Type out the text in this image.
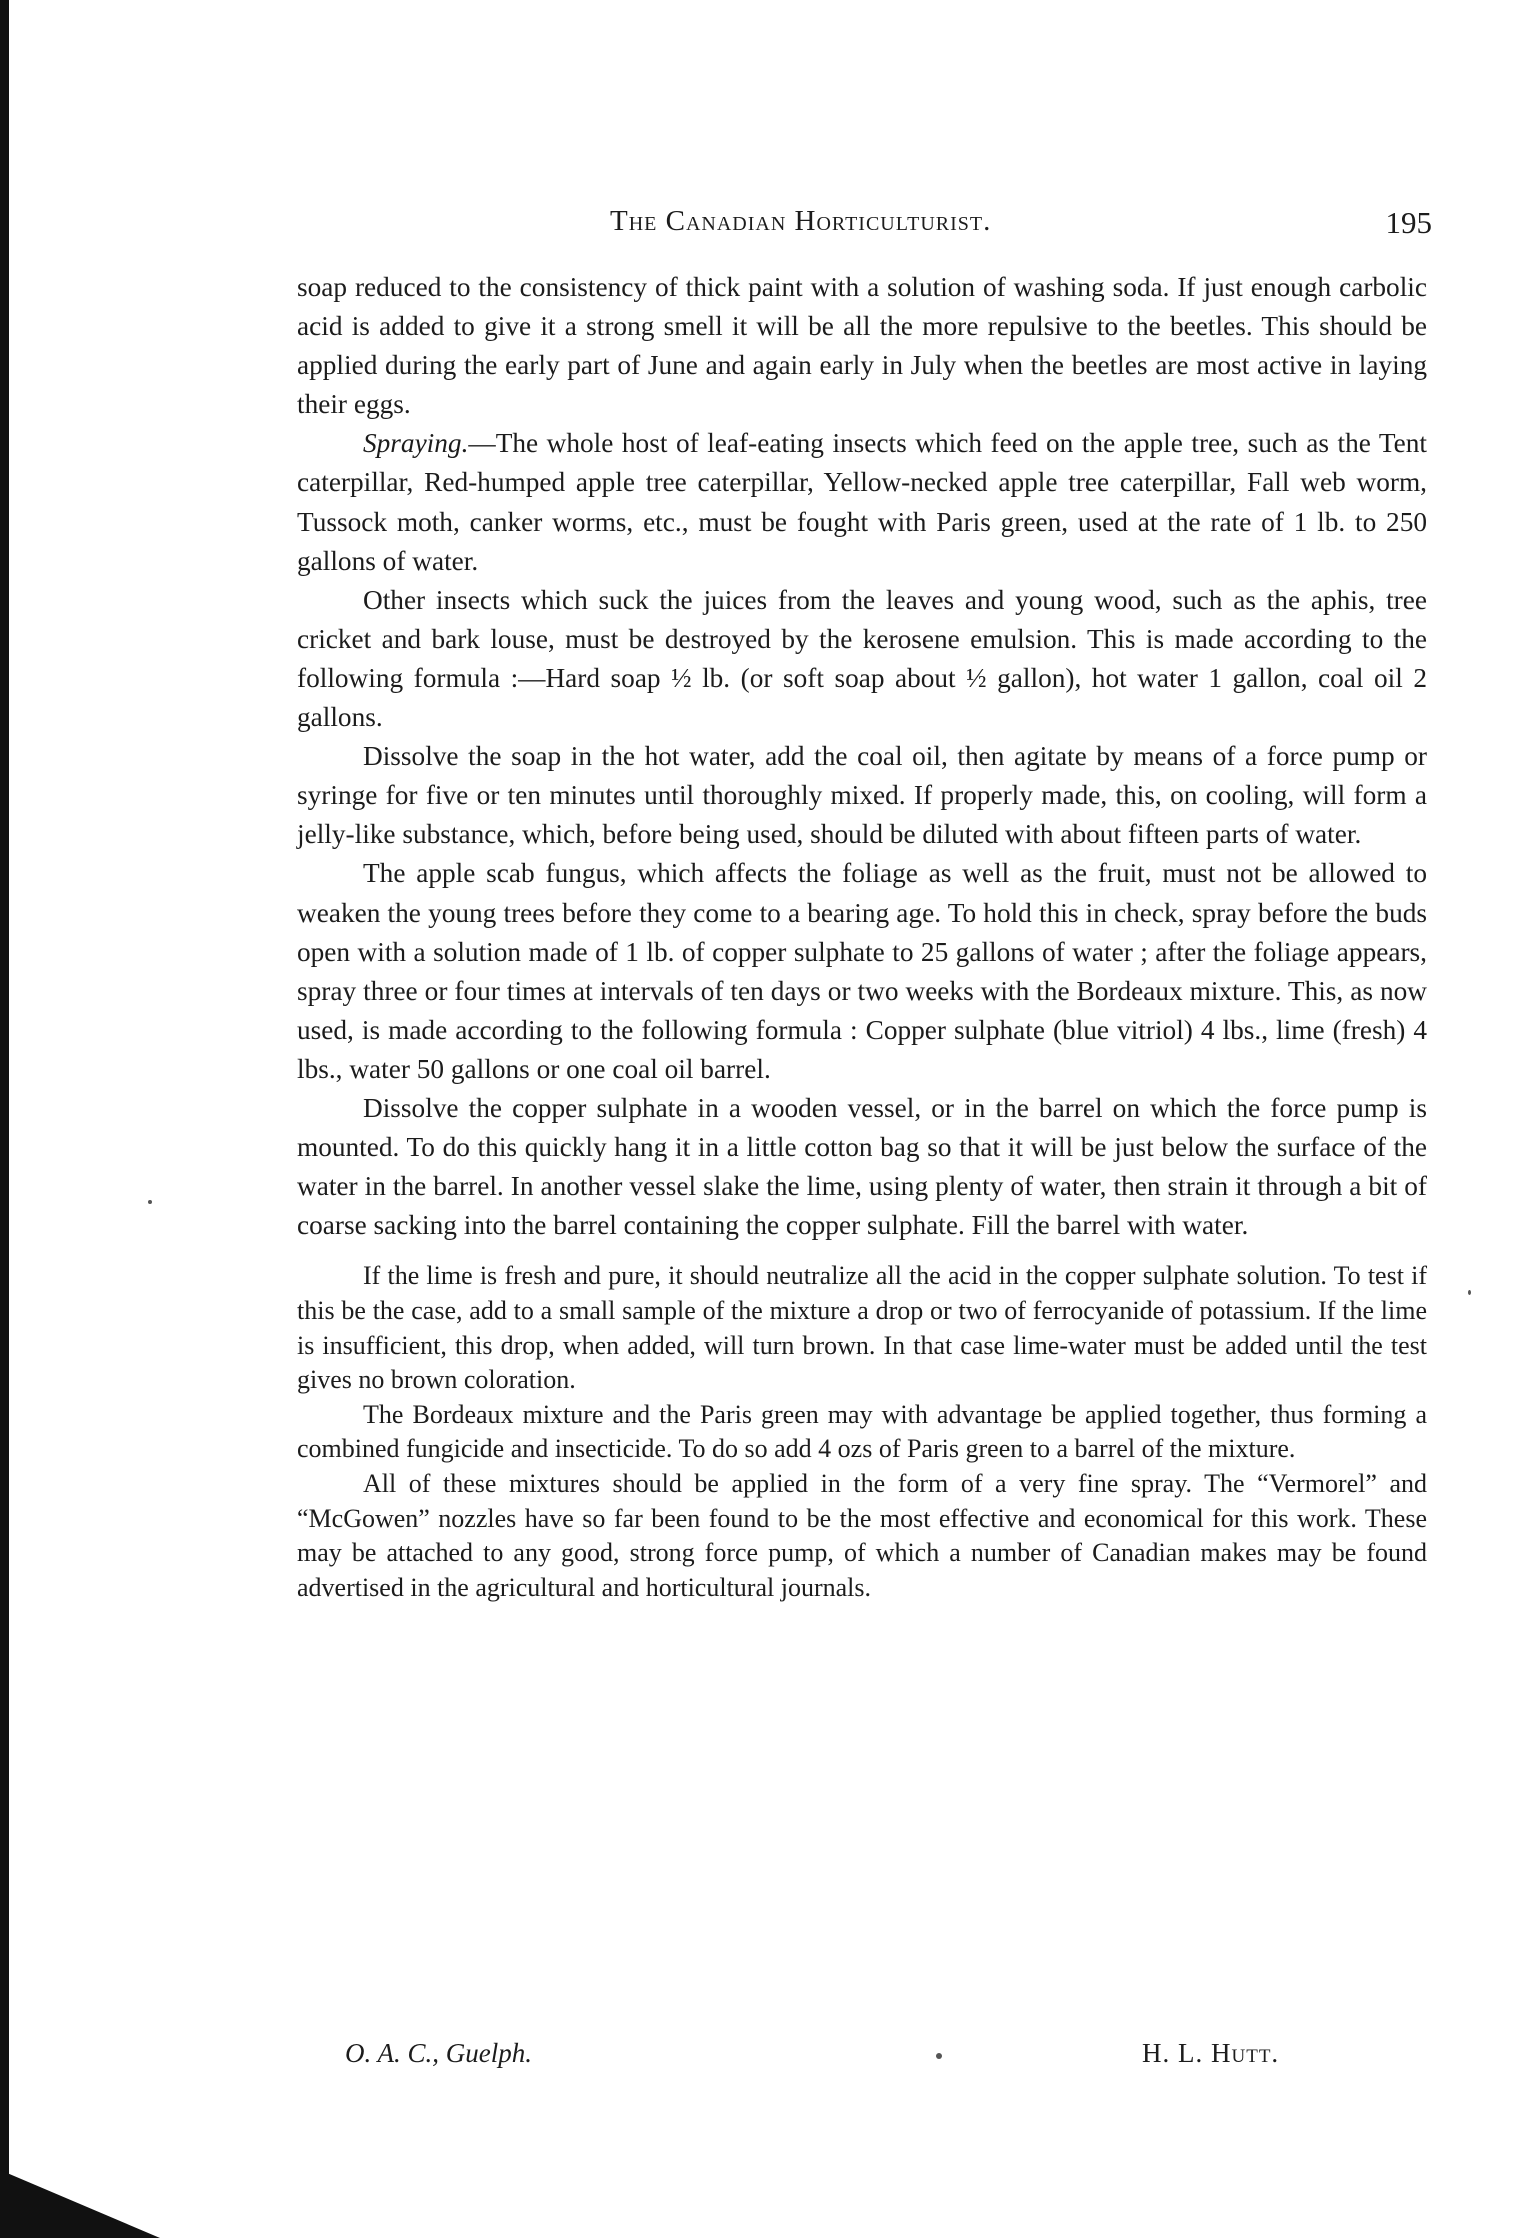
The Canadian Horticulturist.	195

soap reduced to the consistency of thick paint with a solution of washing soda. If just enough carbolic acid is added to give it a strong smell it will be all the more repulsive to the beetles. This should be applied during the early part of June and again early in July when the beetles are most active in laying their eggs.

Spraying.—The whole host of leaf-eating insects which feed on the apple tree, such as the Tent caterpillar, Red-humped apple tree caterpillar, Yellow-necked apple tree caterpillar, Fall web worm, Tussock moth, canker worms, etc., must be fought with Paris green, used at the rate of 1 lb. to 250 gallons of water.

Other insects which suck the juices from the leaves and young wood, such as the aphis, tree cricket and bark louse, must be destroyed by the kerosene emulsion. This is made according to the following formula :—Hard soap ½ lb. (or soft soap about ½ gallon), hot water 1 gallon, coal oil 2 gallons.

Dissolve the soap in the hot water, add the coal oil, then agitate by means of a force pump or syringe for five or ten minutes until thoroughly mixed. If properly made, this, on cooling, will form a jelly-like substance, which, before being used, should be diluted with about fifteen parts of water.

The apple scab fungus, which affects the foliage as well as the fruit, must not be allowed to weaken the young trees before they come to a bearing age. To hold this in check, spray before the buds open with a solution made of 1 lb. of copper sulphate to 25 gallons of water ; after the foliage appears, spray three or four times at intervals of ten days or two weeks with the Bordeaux mixture. This, as now used, is made according to the following formula : Copper sulphate (blue vitriol) 4 lbs., lime (fresh) 4 lbs., water 50 gallons or one coal oil barrel.

Dissolve the copper sulphate in a wooden vessel, or in the barrel on which the force pump is mounted. To do this quickly hang it in a little cotton bag so that it will be just below the surface of the water in the barrel. In another vessel slake the lime, using plenty of water, then strain it through a bit of coarse sacking into the barrel containing the copper sulphate. Fill the barrel with water.

If the lime is fresh and pure, it should neutralize all the acid in the copper sulphate solution. To test if this be the case, add to a small sample of the mixture a drop or two of ferrocyanide of potassium. If the lime is insufficient, this drop, when added, will turn brown. In that case lime-water must be added until the test gives no brown coloration.

The Bordeaux mixture and the Paris green may with advantage be applied together, thus forming a combined fungicide and insecticide. To do so add 4 ozs of Paris green to a barrel of the mixture.

All of these mixtures should be applied in the form of a very fine spray. The “Vermorel” and “McGowen” nozzles have so far been found to be the most effective and economical for this work. These may be attached to any good, strong force pump, of which a number of Canadian makes may be found advertised in the agricultural and horticultural journals.

O. A. C., Guelph.	H. L. Hutt.
